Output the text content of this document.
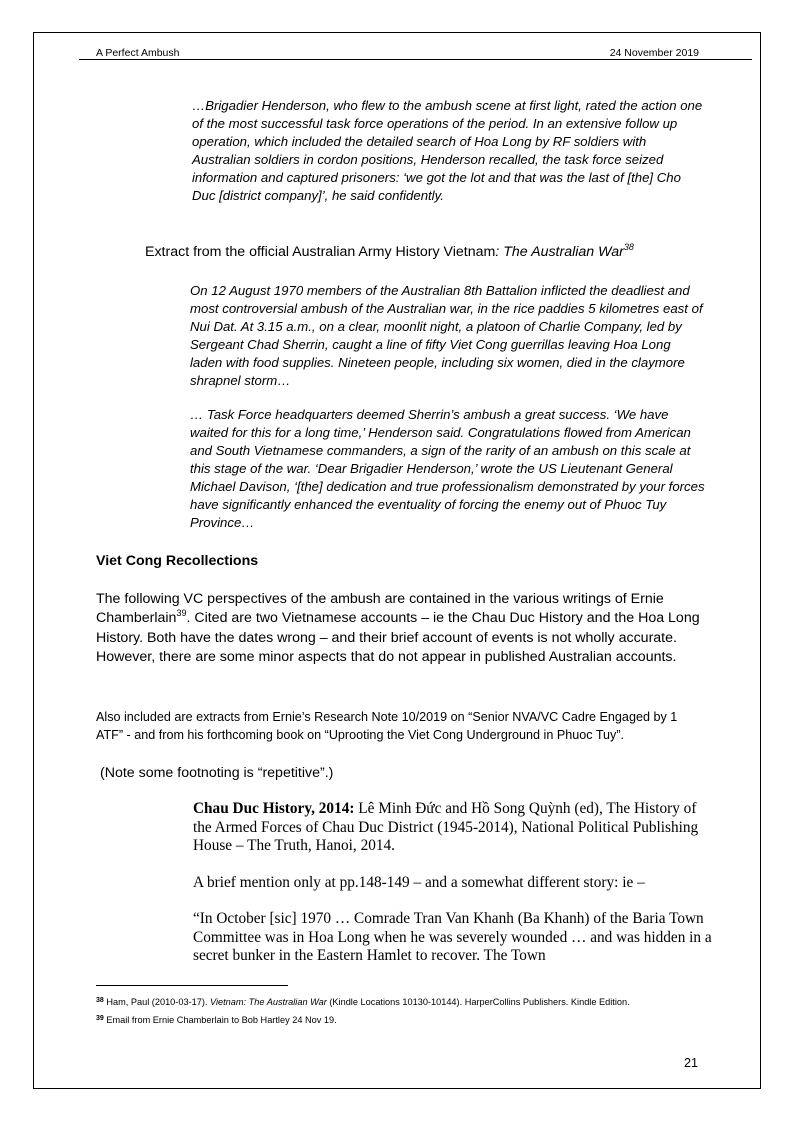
A Perfect Ambush	24 November 2019
…Brigadier Henderson, who flew to the ambush scene at first light, rated the action one of the most successful task force operations of the period. In an extensive follow up operation, which included the detailed search of Hoa Long by RF soldiers with Australian soldiers in cordon positions, Henderson recalled, the task force seized information and captured prisoners: ‘we got the lot and that was the last of [the] Cho Duc [district company]’, he said confidently.
Extract from the official Australian Army History Vietnam: The Australian War$^{38}$
On 12 August 1970 members of the Australian 8th Battalion inflicted the deadliest and most controversial ambush of the Australian war, in the rice paddies 5 kilometres east of Nui Dat. At 3.15 a.m., on a clear, moonlit night, a platoon of Charlie Company, led by Sergeant Chad Sherrin, caught a line of fifty Viet Cong guerrillas leaving Hoa Long laden with food supplies. Nineteen people, including six women, died in the claymore shrapnel storm…
… Task Force headquarters deemed Sherrin’s ambush a great success. ‘We have waited for this for a long time,’ Henderson said. Congratulations flowed from American and South Vietnamese commanders, a sign of the rarity of an ambush on this scale at this stage of the war. ‘Dear Brigadier Henderson,’ wrote the US Lieutenant General Michael Davison, ‘[the] dedication and true professionalism demonstrated by your forces have significantly enhanced the eventuality of forcing the enemy out of Phuoc Tuy Province…
Viet Cong Recollections
The following VC perspectives of the ambush are contained in the various writings of Ernie Chamberlain$^{39}$. Cited are two Vietnamese accounts – ie the Chau Duc History and the Hoa Long History. Both have the dates wrong – and their brief account of events is not wholly accurate. However, there are some minor aspects that do not appear in published Australian accounts.
Also included are extracts from Ernie’s Research Note 10/2019 on “Senior NVA/VC Cadre Engaged by 1 ATF” - and from his forthcoming book on “Uprooting the Viet Cong Underground in Phuoc Tuy”.
(Note some footnoting is “repetitive”.)
Chau Duc History, 2014: Lê Minh Đức and Hồ Song Quỳnh (ed), The History of the Armed Forces of Chau Duc District (1945-2014), National Political Publishing House – The Truth, Hanoi, 2014.
A brief mention only at pp.148-149 – and a somewhat different story: ie –
“In October [sic] 1970 … Comrade Tran Van Khanh (Ba Khanh) of the Baria Town Committee was in Hoa Long when he was severely wounded … and was hidden in a secret bunker in the Eastern Hamlet to recover. The Town
$^{38}$ Ham, Paul (2010-03-17). Vietnam: The Australian War (Kindle Locations 10130-10144). HarperCollins Publishers. Kindle Edition.
$^{39}$ Email from Ernie Chamberlain to Bob Hartley 24 Nov 19.
21
